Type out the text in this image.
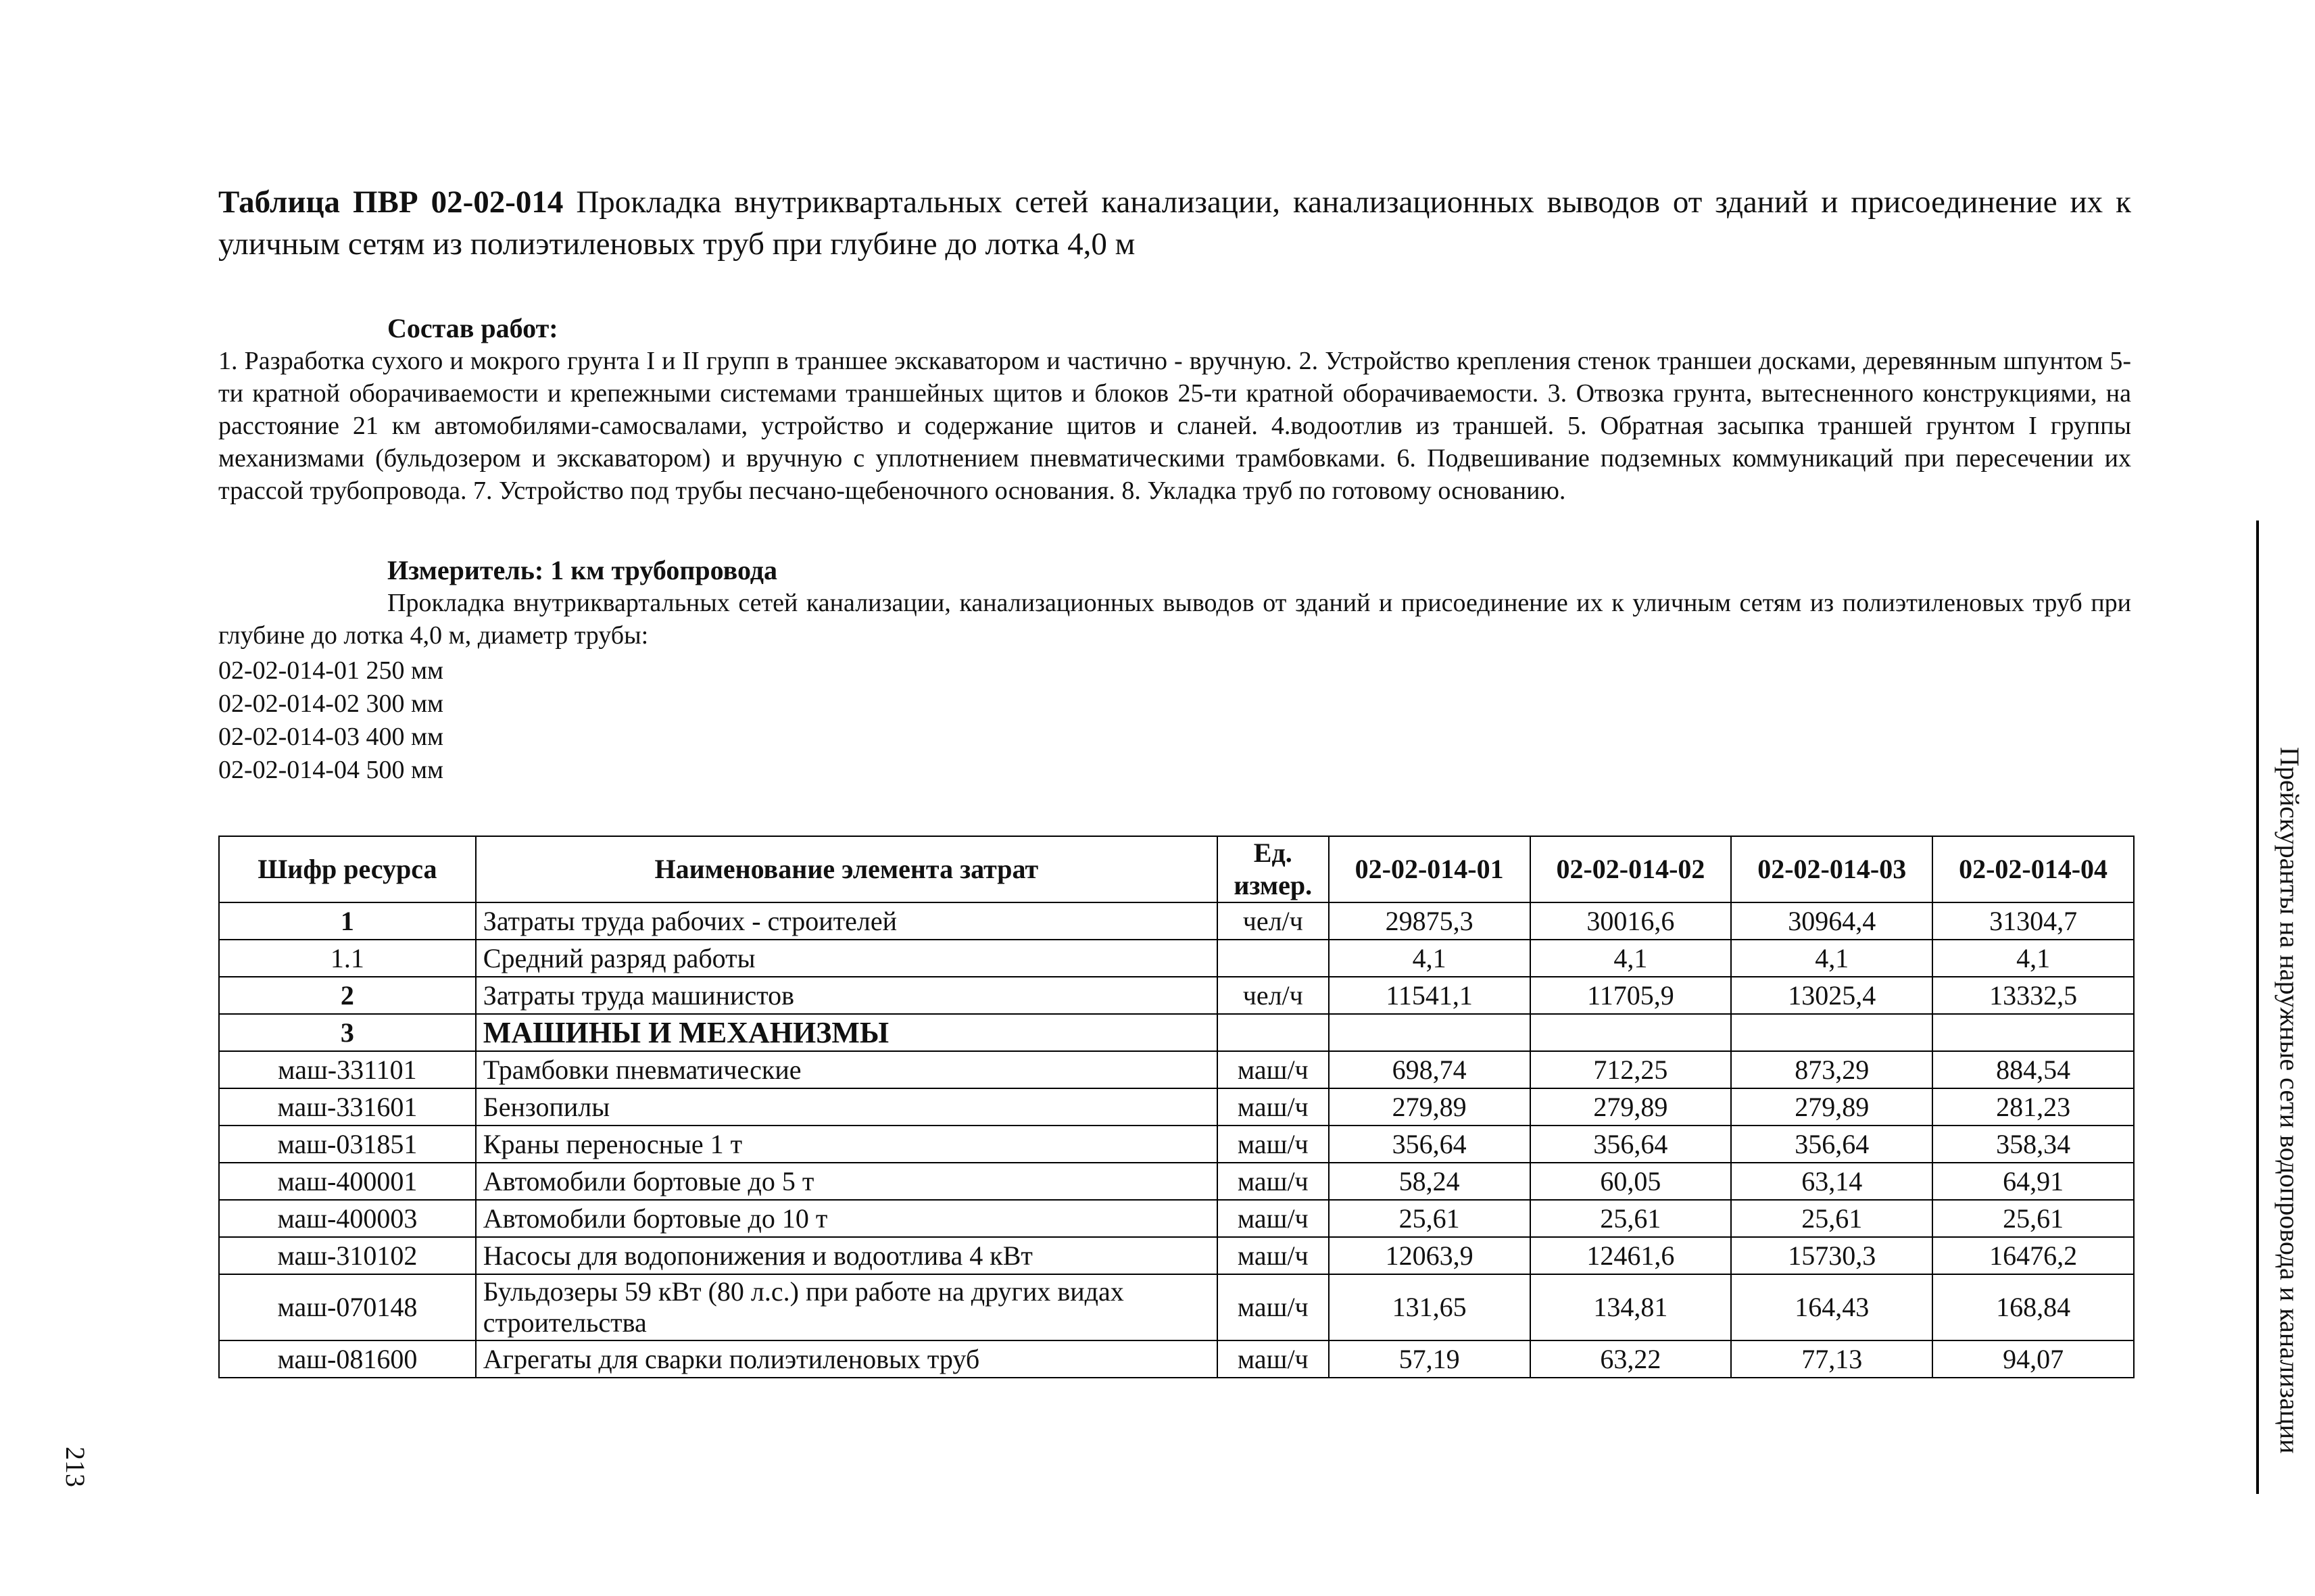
Таблица ПВР 02-02-014 Прокладка внутриквартальных сетей канализации, канализационных выводов от зданий и присоединение их к уличным сетям из полиэтиленовых труб при глубине до лотка 4,0 м

Состав работ:

1. Разработка сухого и мокрого грунта I и II групп в траншее экскаватором и частично - вручную. 2. Устройство крепления стенок траншеи досками, деревянным шпунтом 5-ти кратной оборачиваемости и крепежными системами траншейных щитов и блоков 25-ти кратной оборачиваемости. 3. Отвозка грунта, вытесненного конструкциями, на расстояние 21 км автомобилями-самосвалами, устройство и содержание щитов и сланей. 4.водоотлив из траншей. 5. Обратная засыпка траншей грунтом I группы механизмами (бульдозером и экскаватором) и вручную с уплотнением пневматическими трамбовками. 6. Подвешивание подземных коммуникаций при пересечении их трассой трубопровода. 7. Устройство под трубы песчано-щебеночного основания. 8. Укладка труб по готовому основанию.

Измеритель: 1 км трубопровода

Прокладка внутриквартальных сетей канализации, канализационных выводов от зданий и присоединение их к уличным сетям из полиэтиленовых труб при глубине до лотка 4,0 м, диаметр трубы:

02-02-014-01 250 мм
02-02-014-02 300 мм
02-02-014-03 400 мм
02-02-014-04 500 мм
Шифр ресурса	Наименование элемента затрат	Ед. измер.	02-02-014-01	02-02-014-02	02-02-014-03	02-02-014-04
1	Затраты труда рабочих - строителей	чел/ч	29875,3	30016,6	30964,4	31304,7
1.1	Средний разряд работы		4,1	4,1	4,1	4,1
2	Затраты труда машинистов	чел/ч	11541,1	11705,9	13025,4	13332,5
3	МАШИНЫ И МЕХАНИЗМЫ					
маш-331101	Трамбовки пневматические	маш/ч	698,74	712,25	873,29	884,54
маш-331601	Бензопилы	маш/ч	279,89	279,89	279,89	281,23
маш-031851	Краны переносные 1 т	маш/ч	356,64	356,64	356,64	358,34
маш-400001	Автомобили бортовые до 5 т	маш/ч	58,24	60,05	63,14	64,91
маш-400003	Автомобили бортовые до 10 т	маш/ч	25,61	25,61	25,61	25,61
маш-310102	Насосы для водопонижения и водоотлива 4 кВт	маш/ч	12063,9	12461,6	15730,3	16476,2
маш-070148	Бульдозеры 59 кВт (80 л.с.) при работе на других видах строительства	маш/ч	131,65	134,81	164,43	168,84
маш-081600	Агрегаты для сварки полиэтиленовых труб	маш/ч	57,19	63,22	77,13	94,07	Прейскуранты на наружные сети водопровода и канализации
213
